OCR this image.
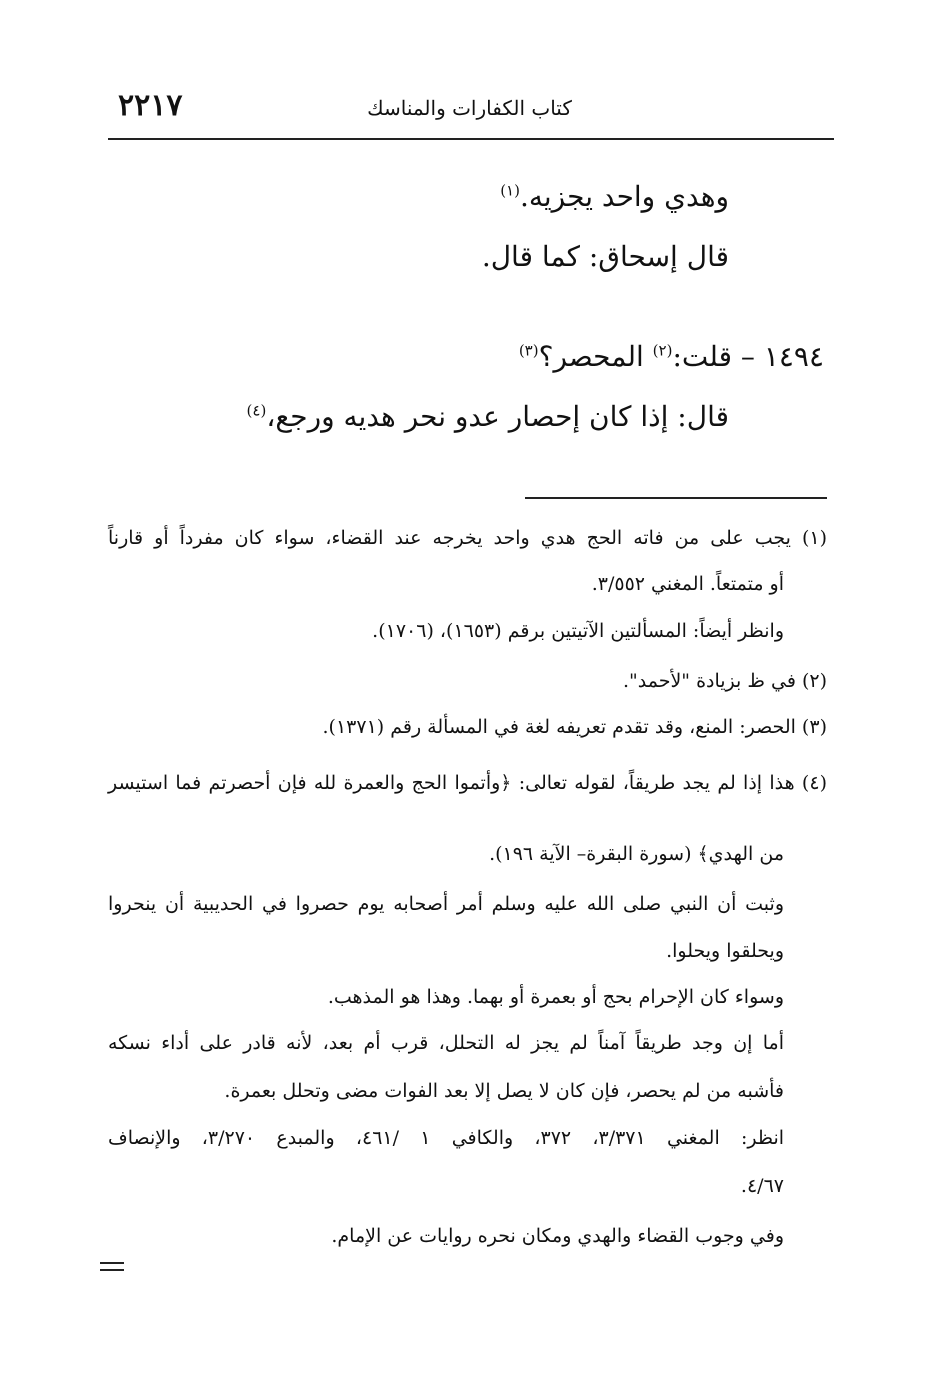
٢٢١٧	كتاب الكفارات والمناسك
وهدي واحد يجزيه.$^{(١)}$
قال إسحاق: كما قال.
١٤٩٤ – قلت:$^{(٢)}$ المحصر؟$^{(٣)}$
قال: إذا كان إحصار عدو نحر هديه ورجع،$^{(٤)}$
(١) يجب على من فاته الحج هدي واحد يخرجه عند القضاء، سواء كان مفرداً أو قارناً
أو متمتعاً. المغني ٣/٥٥٢.
وانظر أيضاً: المسألتين الآتيتين برقم (١٦٥٣)، (١٧٠٦).
(٢) في ظ بزيادة "لأحمد".
(٣) الحصر: المنع، وقد تقدم تعريفه لغة في المسألة رقم (١٣٧١).
(٤) هذا إذا لم يجد طريقاً، لقوله تعالى: ﴿وأتموا الحج والعمرة لله فإن أحصرتم فما استيسر
من الهدي﴾ (سورة البقرة– الآية ١٩٦).
وثبت أن النبي صلى الله عليه وسلم أمر أصحابه يوم حصروا في الحديبية أن ينحروا
ويحلقوا ويحلوا.
وسواء كان الإحرام بحج أو بعمرة أو بهما. وهذا هو المذهب.
أما إن وجد طريقاً آمناً لم يجز له التحلل، قرب أم بعد، لأنه قادر على أداء نسكه
فأشبه من لم يحصر، فإن كان لا يصل إلا بعد الفوات مضى وتحلل بعمرة.
انظر: المغني ٣/٣٧١، ٣٧٢، والكافي ١ /٤٦١، والمبدع ٣/٢٧٠، والإنصاف
٤/٦٧.
وفي وجوب القضاء والهدي ومكان نحره روايات عن الإمام.
